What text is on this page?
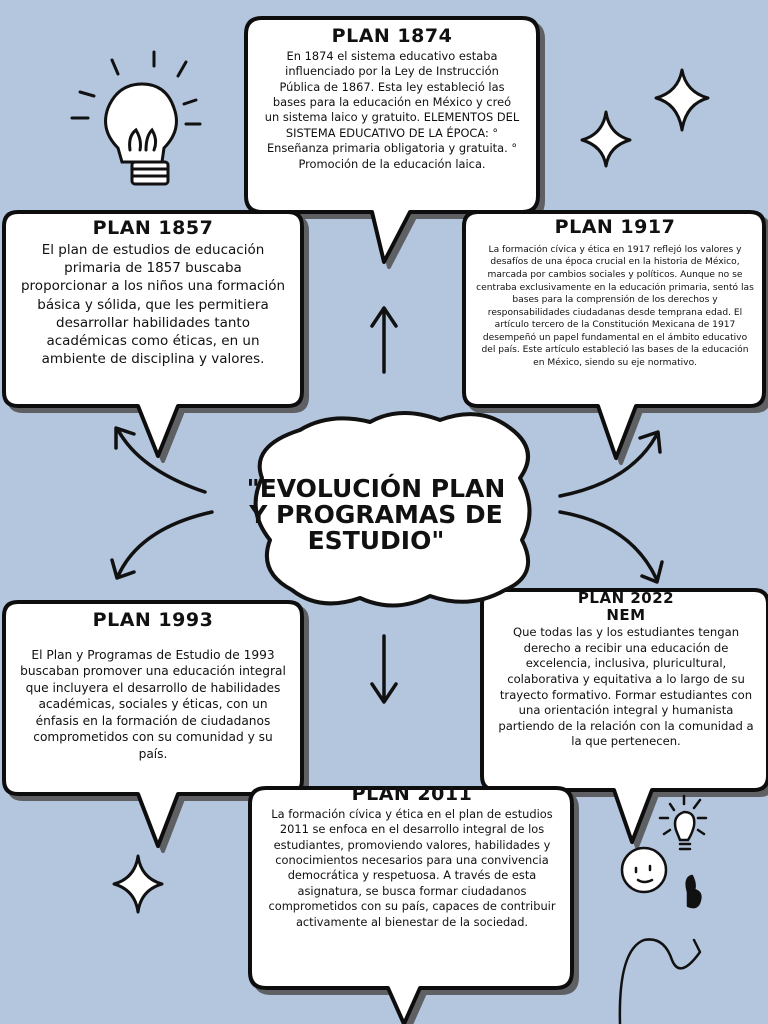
PLAN 1874

En 1874 el sistema educativo estaba influenciado por la Ley de Instrucción Pública de 1867. Esta ley estableció las bases para la educación en México y creó un sistema laico y gratuito. ELEMENTOS DEL SISTEMA EDUCATIVO DE LA ÉPOCA: ° Enseñanza primaria obligatoria y gratuita. ° Promoción de la educación laica.

PLAN 1857

El plan de estudios de educación primaria de 1857 buscaba proporcionar a los niños una formación básica y sólida, que les permitiera desarrollar habilidades tanto académicas como éticas, en un ambiente de disciplina y valores.

PLAN 1917

La formación cívica y ética en 1917 reflejó los valores y desafíos de una época crucial en la historia de México, marcada por cambios sociales y políticos. Aunque no se centraba exclusivamente en la educación primaria, sentó las bases para la comprensión de los derechos y responsabilidades ciudadanas desde temprana edad. El artículo tercero de la Constitución Mexicana de 1917 desempeñó un papel fundamental en el ámbito educativo del país. Este artículo estableció las bases de la educación en México, siendo su eje normativo.

"EVOLUCIÓN PLAN Y PROGRAMAS DE ESTUDIO"
PLAN 1993

El Plan y Programas de Estudio de 1993 buscaban promover una educación integral que incluyera el desarrollo de habilidades académicas, sociales y éticas, con un énfasis en la formación de ciudadanos comprometidos con su comunidad y su país.

PLAN 2022
NEM

Que todas las y los estudiantes tengan derecho a recibir una educación de excelencia, inclusiva, pluricultural, colaborativa y equitativa a lo largo de su trayecto formativo. Formar estudiantes con una orientación integral y humanista partiendo de la relación con la comunidad a la que pertenecen.

PLAN 2011

La formación cívica y ética en el plan de estudios 2011 se enfoca en el desarrollo integral de los estudiantes, promoviendo valores, habilidades y conocimientos necesarios para una convivencia democrática y respetuosa. A través de esta asignatura, se busca formar ciudadanos comprometidos con su país, capaces de contribuir activamente al bienestar de la sociedad.
